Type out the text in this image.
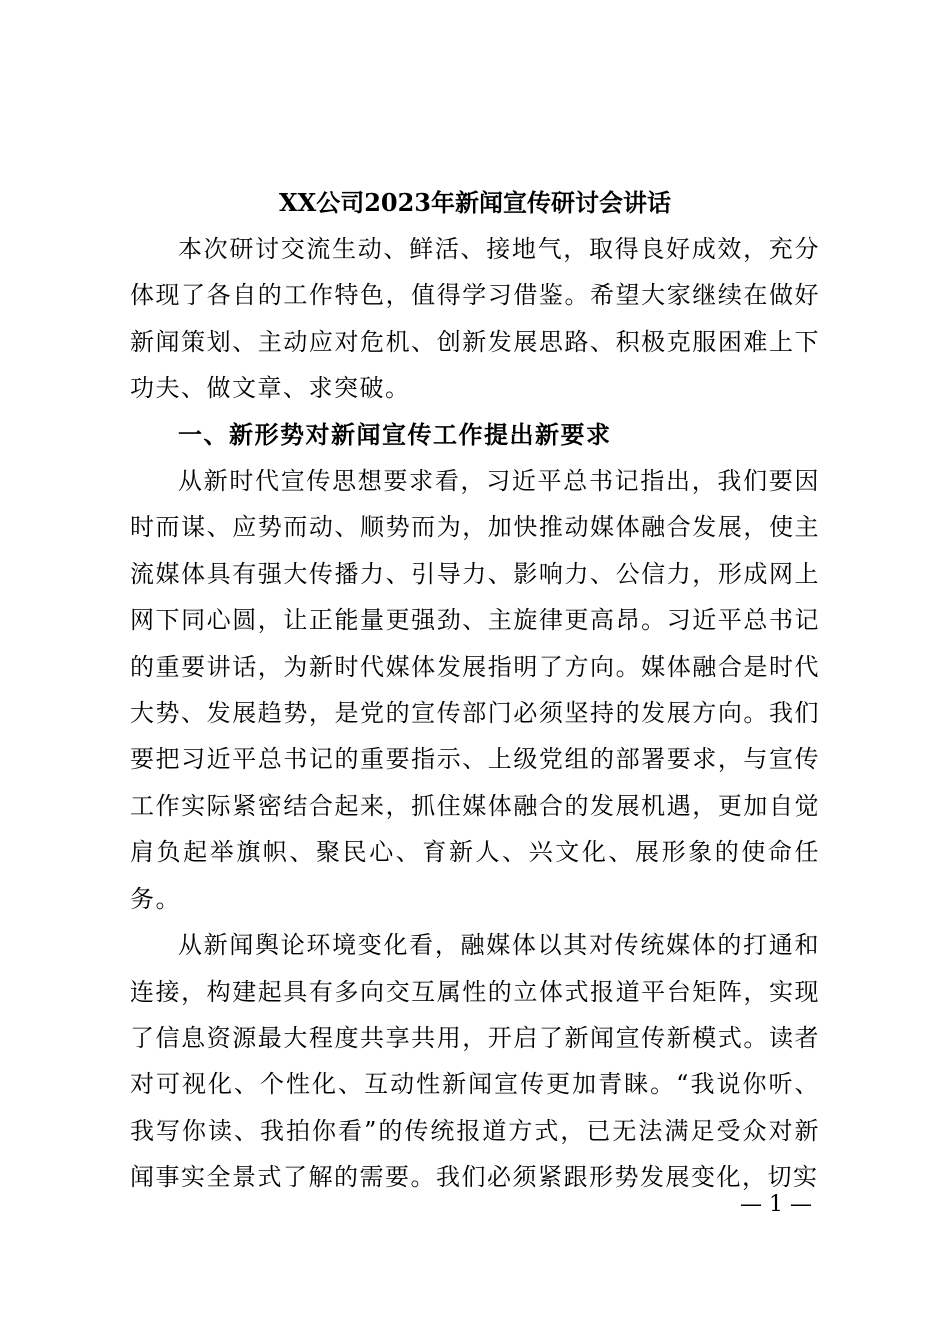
XX公司2023年新闻宣传研讨会讲话

本次研讨交流生动、鲜活、接地气，取得良好成效，充分体现了各自的工作特色，值得学习借鉴。希望大家继续在做好新闻策划、主动应对危机、创新发展思路、积极克服困难上下功夫、做文章、求突破。

一、新形势对新闻宣传工作提出新要求

从新时代宣传思想要求看，习近平总书记指出，我们要因时而谋、应势而动、顺势而为，加快推动媒体融合发展，使主流媒体具有强大传播力、引导力、影响力、公信力，形成网上网下同心圆，让正能量更强劲、主旋律更高昂。习近平总书记的重要讲话，为新时代媒体发展指明了方向。媒体融合是时代大势、发展趋势，是党的宣传部门必须坚持的发展方向。我们要把习近平总书记的重要指示、上级党组的部署要求，与宣传工作实际紧密结合起来，抓住媒体融合的发展机遇，更加自觉肩负起举旗帜、聚民心、育新人、兴文化、展形象的使命任务。

从新闻舆论环境变化看，融媒体以其对传统媒体的打通和连接，构建起具有多向交互属性的立体式报道平台矩阵，实现了信息资源最大程度共享共用，开启了新闻宣传新模式。读者对可视化、个性化、互动性新闻宣传更加青睐。“我说你听、我写你读、我拍你看”的传统报道方式，已无法满足受众对新闻事实全景式了解的需要。我们必须紧跟形势发展变化，切实

— 1 —
